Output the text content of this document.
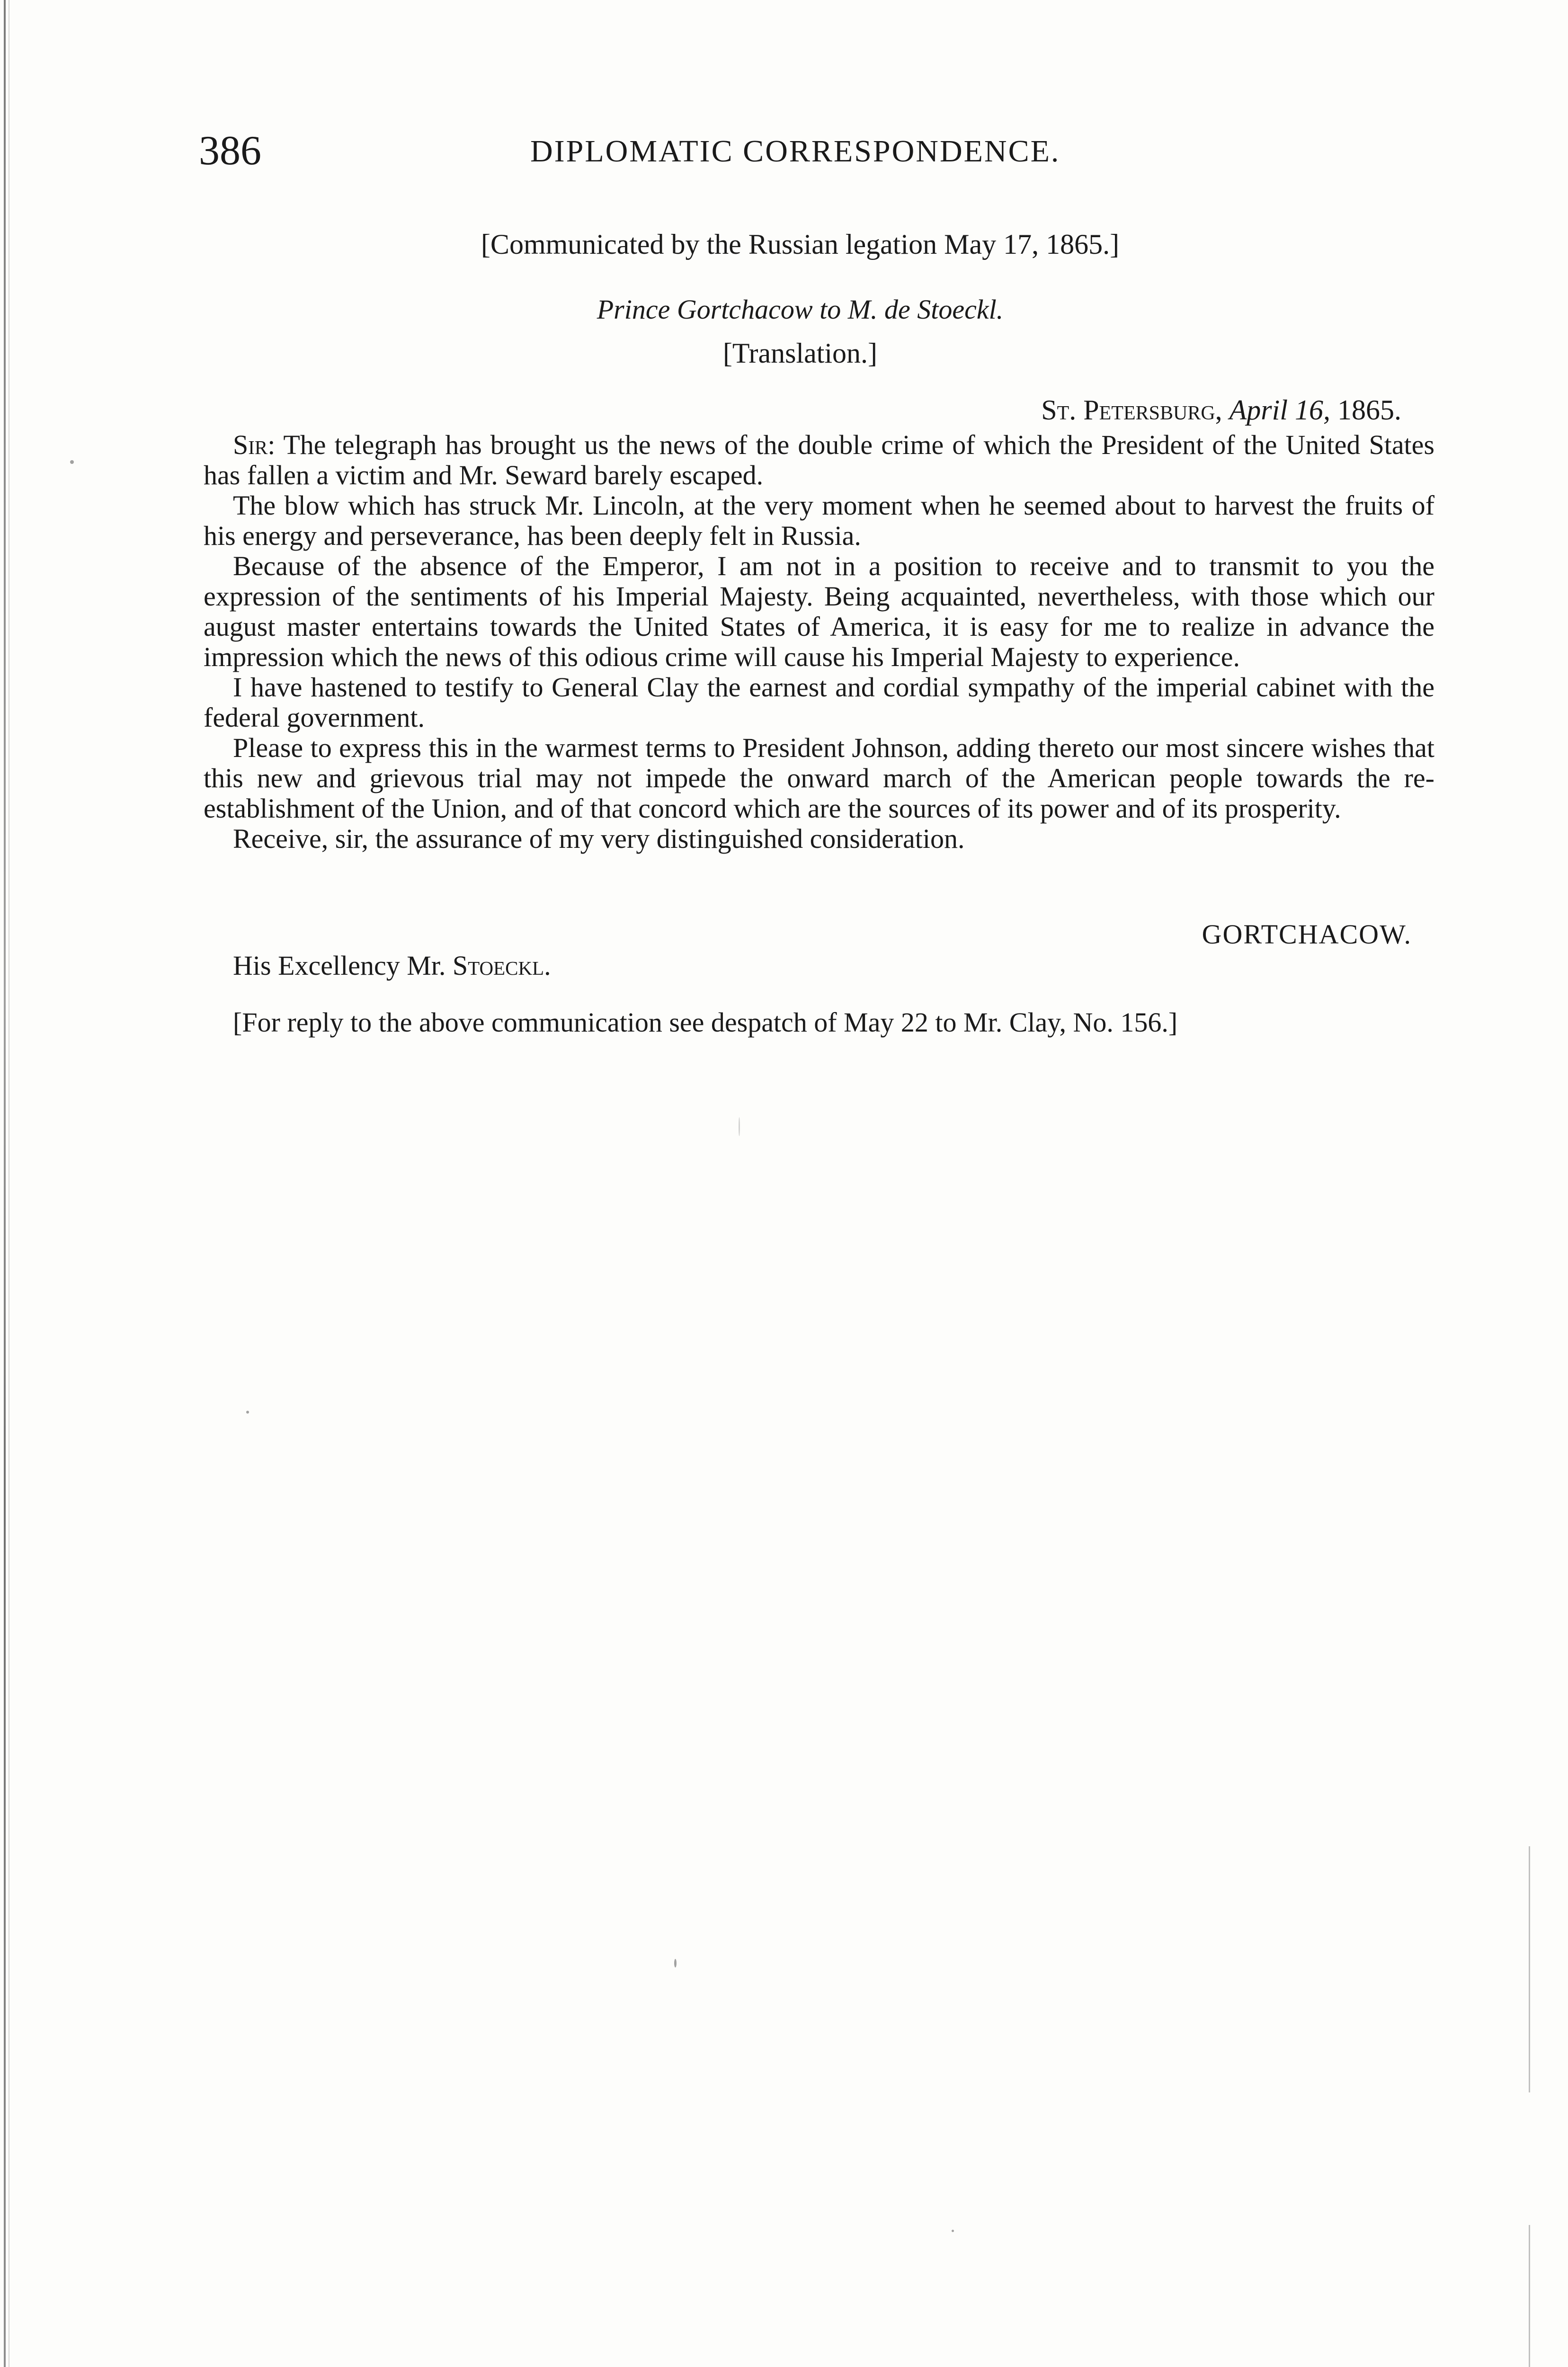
386	DIPLOMATIC CORRESPONDENCE.
[Communicated by the Russian legation May 17, 1865.]
Prince Gortchacow to M. de Stoeckl.
[Translation.]
St. Petersburg, April 16, 1865.

Sir: The telegraph has brought us the news of the double crime of which the President of the United States has fallen a victim and Mr. Seward barely escaped.

The blow which has struck Mr. Lincoln, at the very moment when he seemed about to harvest the fruits of his energy and perseverance, has been deeply felt in Russia.

Because of the absence of the Emperor, I am not in a position to receive and to transmit to you the expression of the sentiments of his Imperial Majesty. Being acquainted, nevertheless, with those which our august master entertains towards the United States of America, it is easy for me to realize in advance the impression which the news of this odious crime will cause his Imperial Majesty to experience.

I have hastened to testify to General Clay the earnest and cordial sympathy of the imperial cabinet with the federal government.

Please to express this in the warmest terms to President Johnson, adding thereto our most sincere wishes that this new and grievous trial may not impede the onward march of the American people towards the re-establishment of the Union, and of that concord which are the sources of its power and of its prosperity.

Receive, sir, the assurance of my very distinguished consideration.

GORTCHACOW.
His Excellency Mr. Stoeckl.
[For reply to the above communication see despatch of May 22 to Mr. Clay, No. 156.]
